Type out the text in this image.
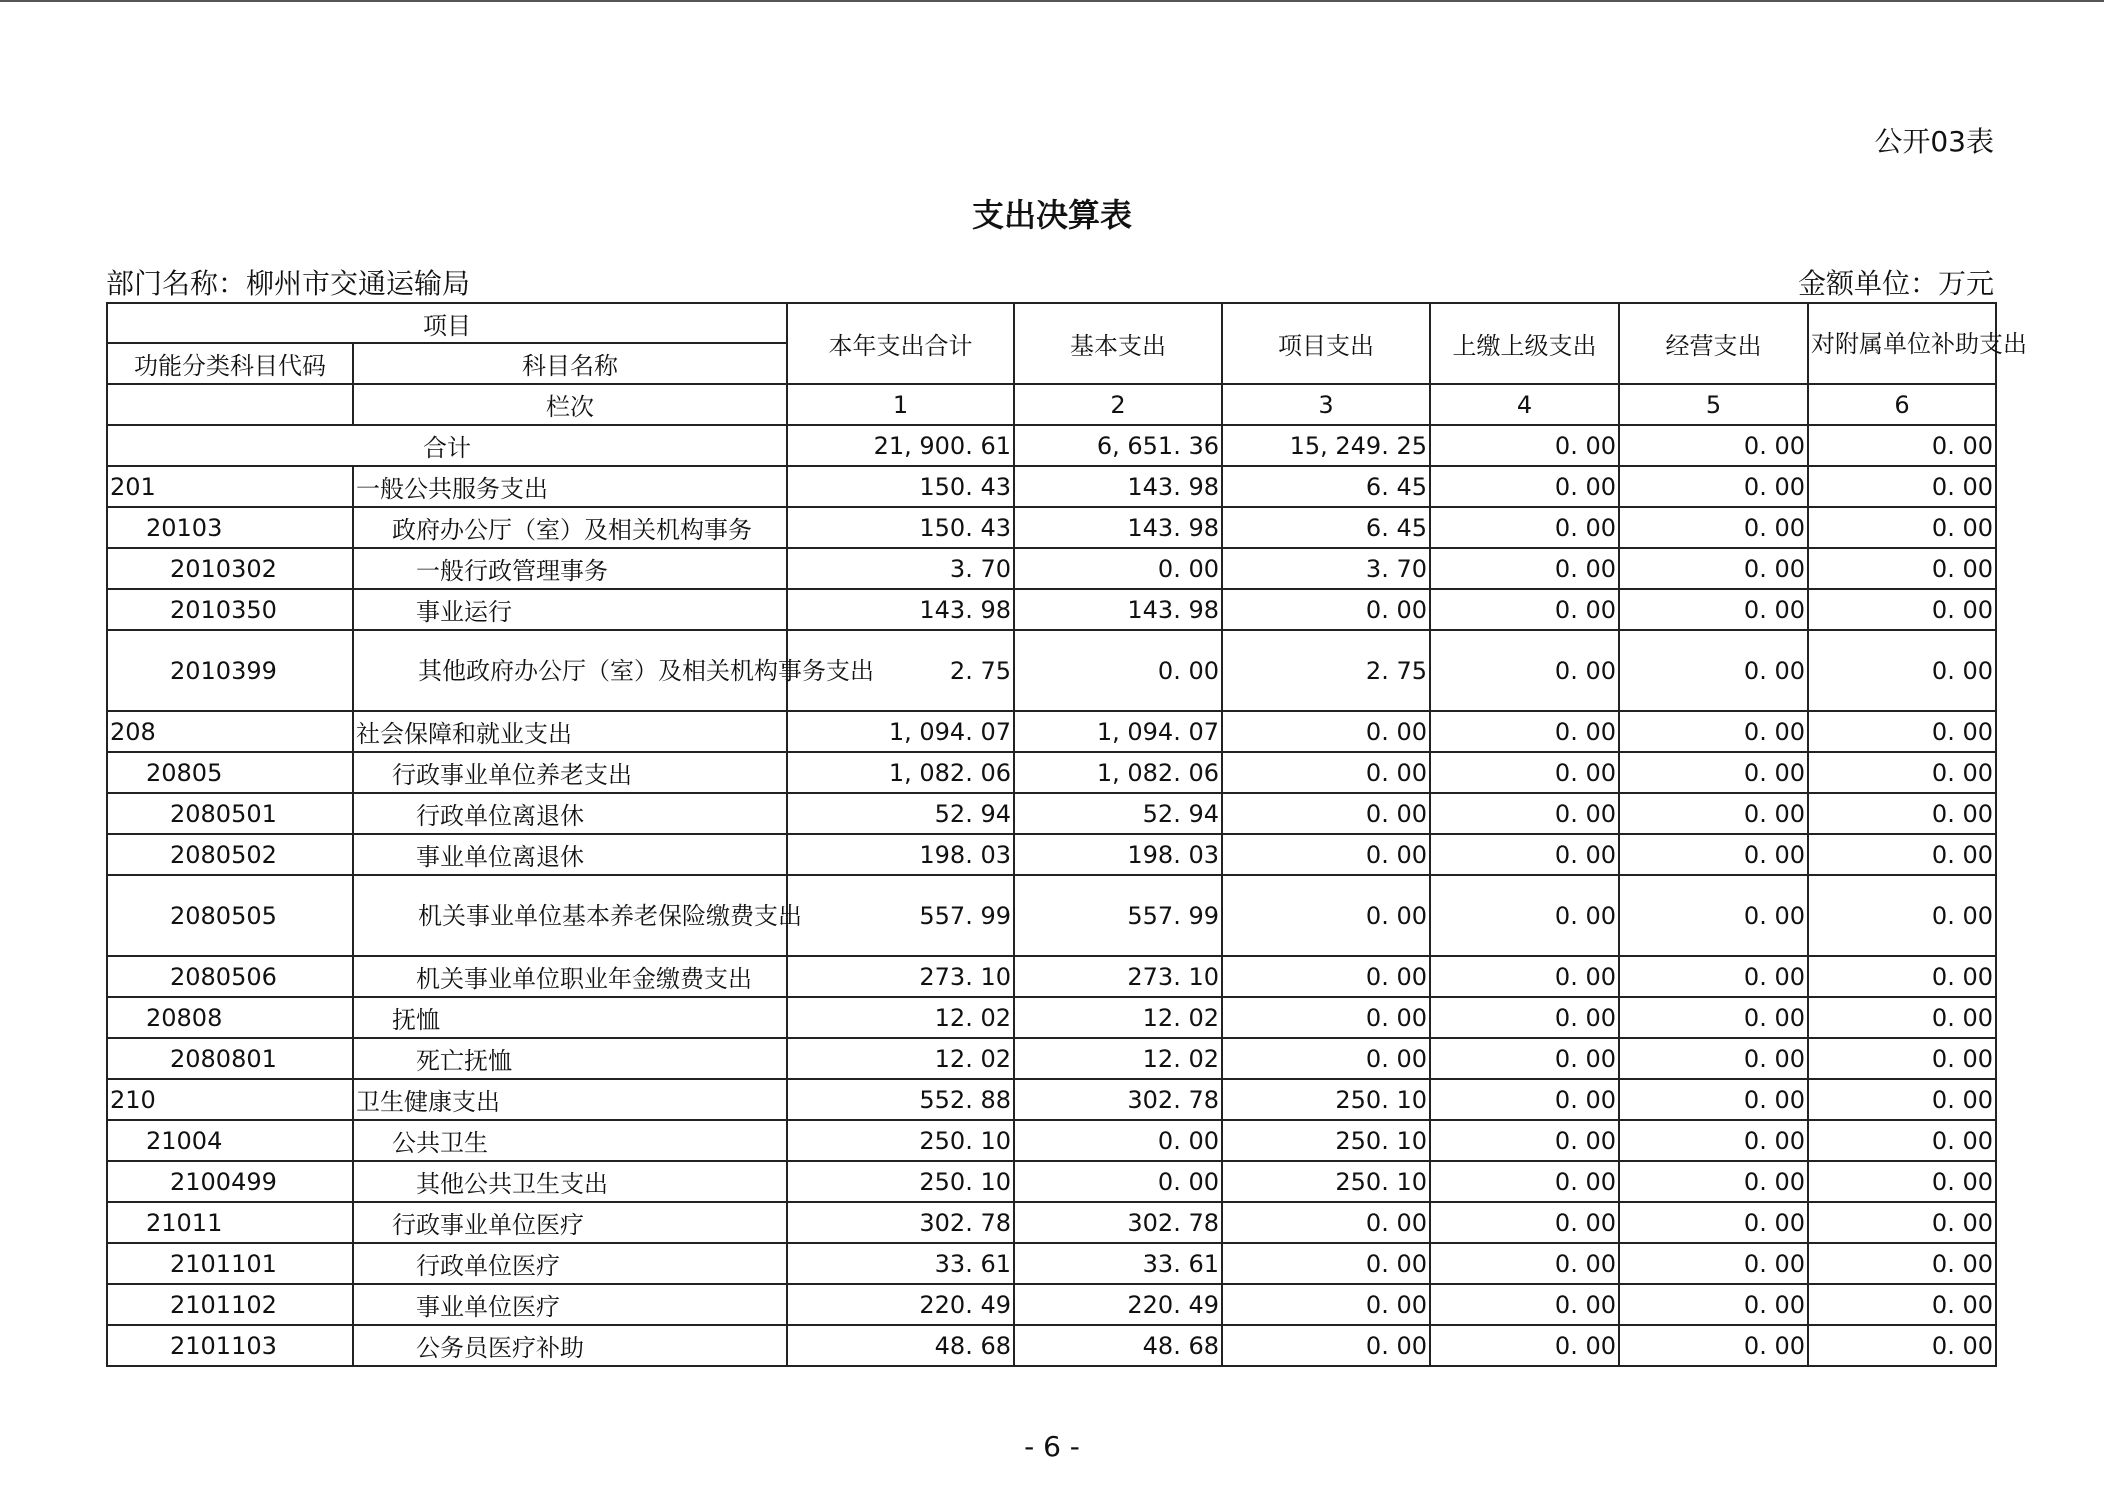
公开03表
支出决算表
部门名称：柳州市交通运输局	金额单位：万元
项目		本年支出合计	基本支出	项目支出	上缴上级支出	经营支出	对附属单位补助支出
功能分类科目代码	科目名称						
	栏次	1	2	3	4	5	6
合计		21, 900. 61	6, 651. 36	15, 249. 25	0. 00	0. 00	0. 00
201	一般公共服务支出	150. 43	143. 98	6. 45	0. 00	0. 00	0. 00
20103	政府办公厅（室）及相关机构事务	150. 43	143. 98	6. 45	0. 00	0. 00	0. 00
2010302	一般行政管理事务	3. 70	0. 00	3. 70	0. 00	0. 00	0. 00
2010350	事业运行	143. 98	143. 98	0. 00	0. 00	0. 00	0. 00
2010399	其他政府办公厅（室）及相关机构事务支出	2. 75	0. 00	2. 75	0. 00	0. 00	0. 00
208	社会保障和就业支出	1, 094. 07	1, 094. 07	0. 00	0. 00	0. 00	0. 00
20805	行政事业单位养老支出	1, 082. 06	1, 082. 06	0. 00	0. 00	0. 00	0. 00
2080501	行政单位离退休	52. 94	52. 94	0. 00	0. 00	0. 00	0. 00
2080502	事业单位离退休	198. 03	198. 03	0. 00	0. 00	0. 00	0. 00
2080505	机关事业单位基本养老保险缴费支出	557. 99	557. 99	0. 00	0. 00	0. 00	0. 00
2080506	机关事业单位职业年金缴费支出	273. 10	273. 10	0. 00	0. 00	0. 00	0. 00
20808	抚恤	12. 02	12. 02	0. 00	0. 00	0. 00	0. 00
2080801	死亡抚恤	12. 02	12. 02	0. 00	0. 00	0. 00	0. 00
210	卫生健康支出	552. 88	302. 78	250. 10	0. 00	0. 00	0. 00
21004	公共卫生	250. 10	0. 00	250. 10	0. 00	0. 00	0. 00
2100499	其他公共卫生支出	250. 10	0. 00	250. 10	0. 00	0. 00	0. 00
21011	行政事业单位医疗	302. 78	302. 78	0. 00	0. 00	0. 00	0. 00
2101101	行政单位医疗	33. 61	33. 61	0. 00	0. 00	0. 00	0. 00
2101102	事业单位医疗	220. 49	220. 49	0. 00	0. 00	0. 00	0. 00
2101103	公务员医疗补助	48. 68	48. 68	0. 00	0. 00	0. 00	0. 00
- 6 -
